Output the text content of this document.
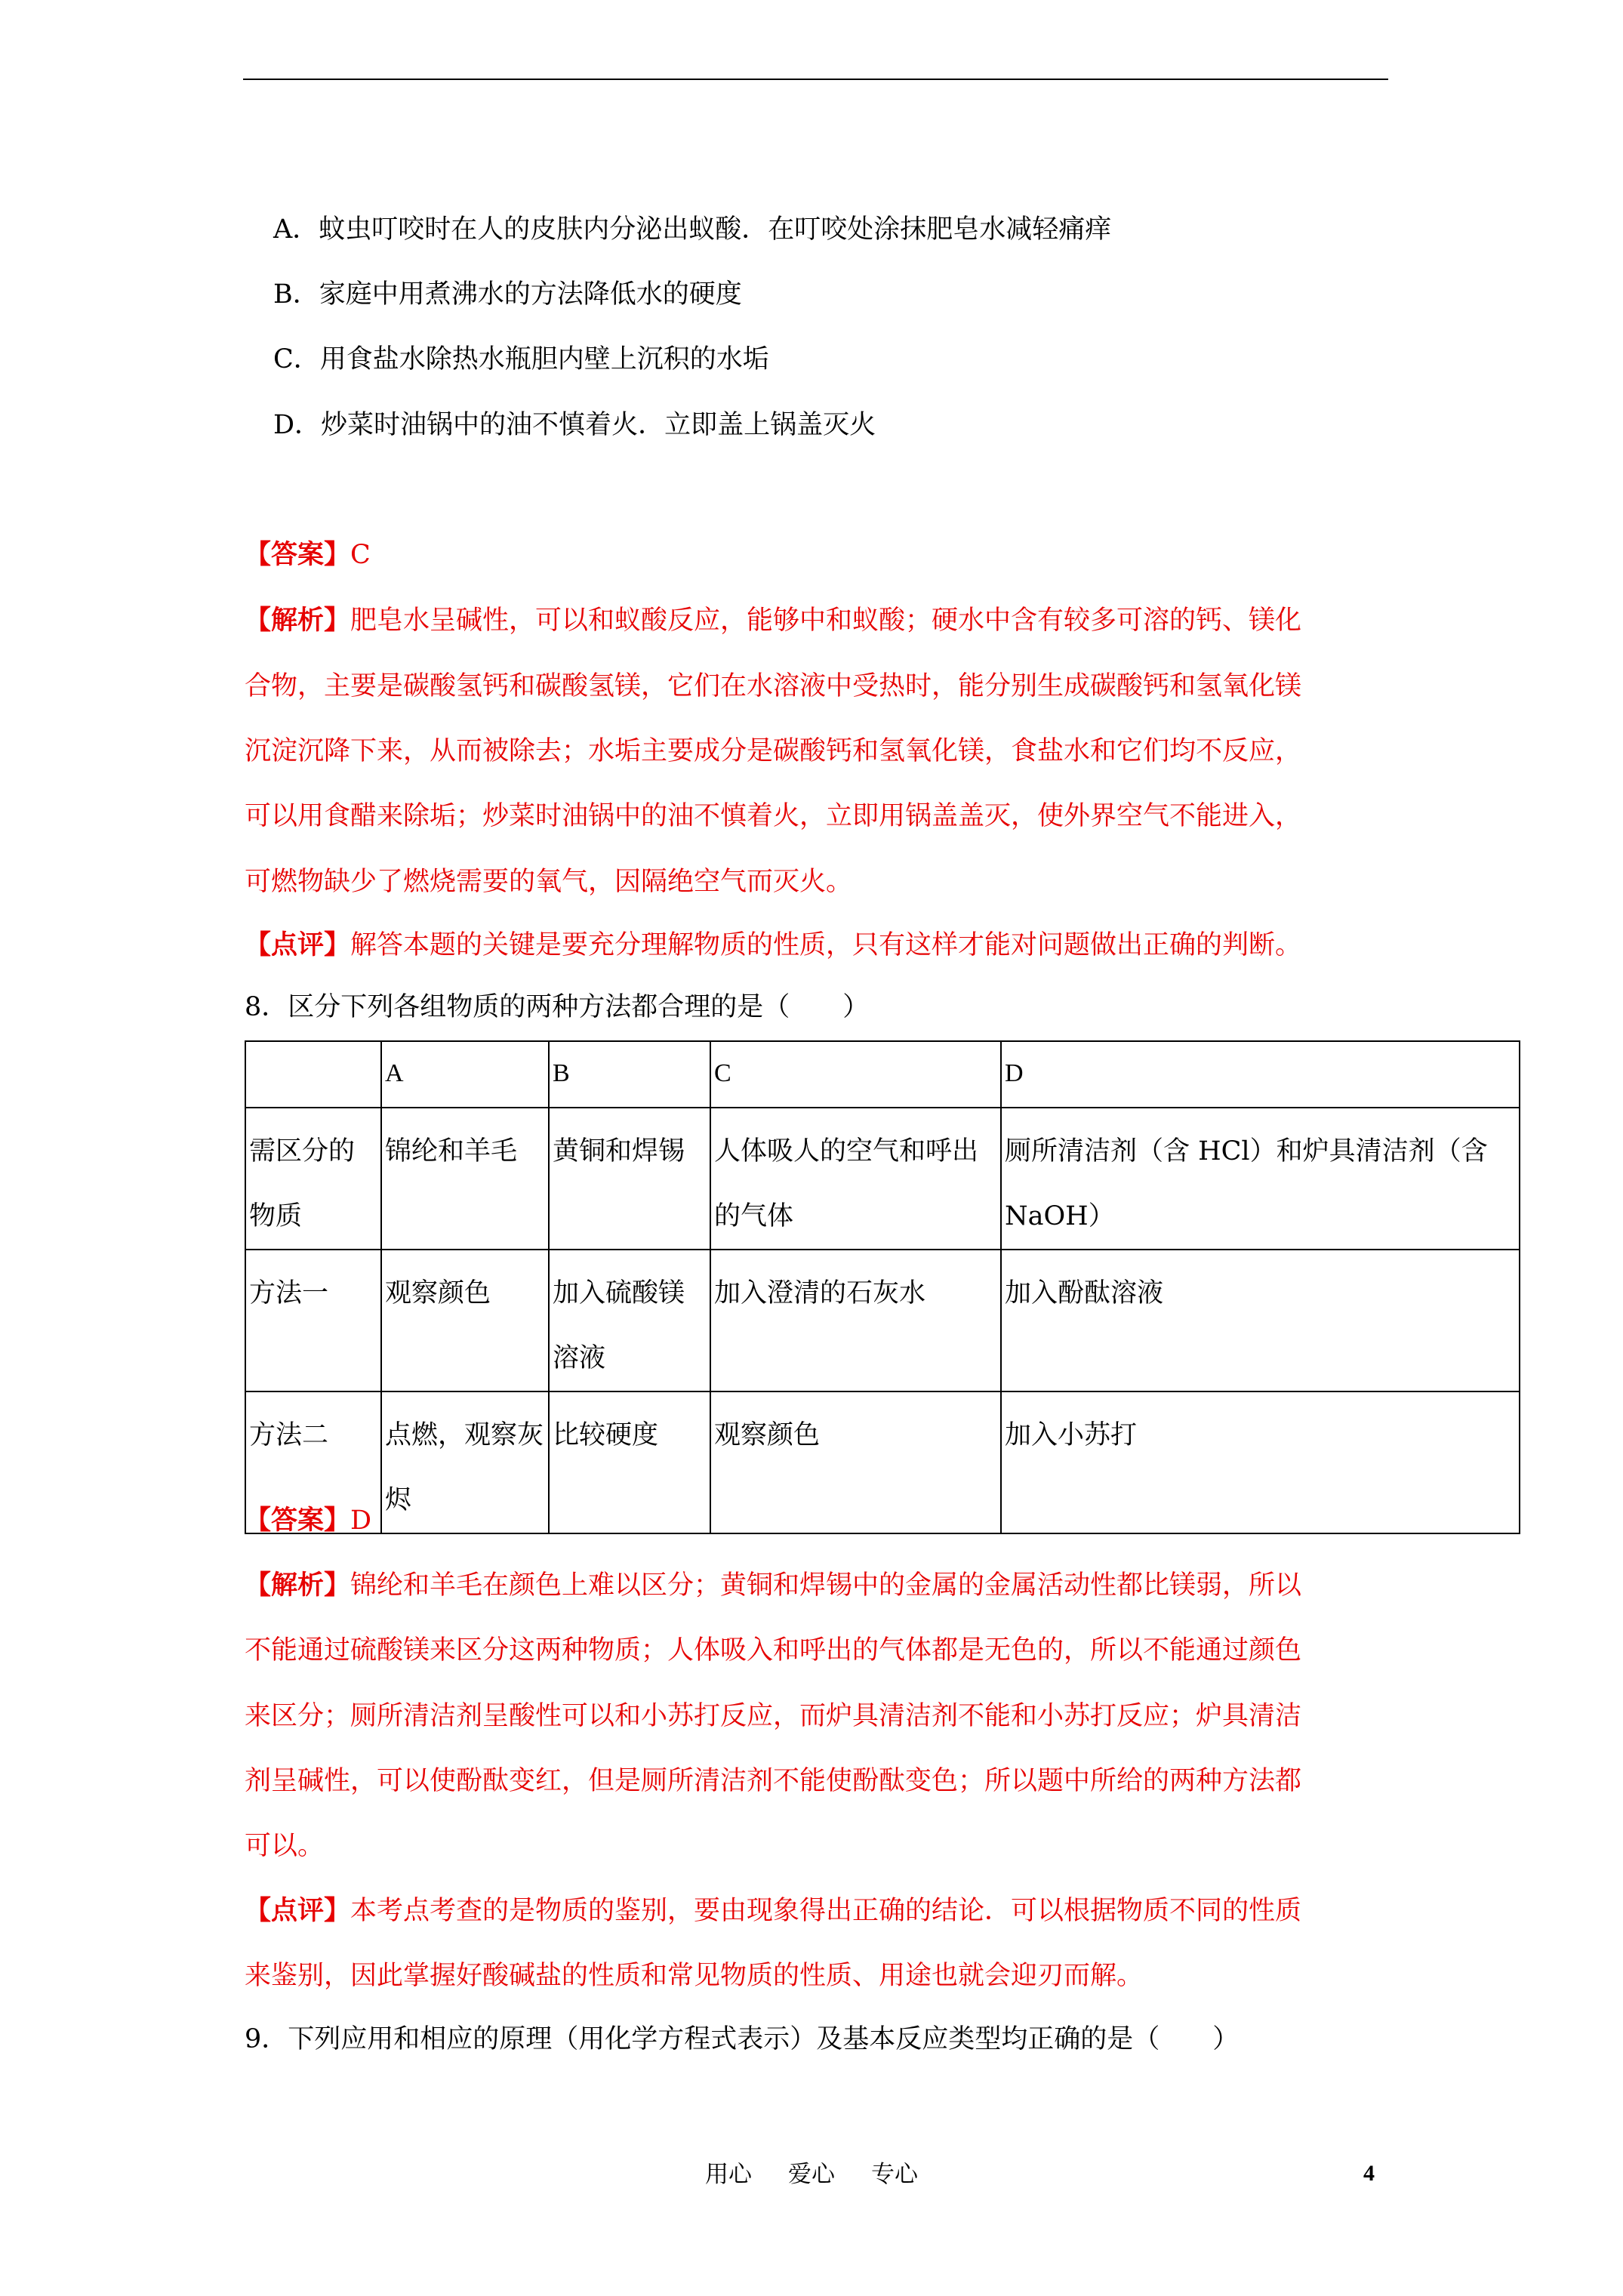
A．蚊虫叮咬时在人的皮肤内分泌出蚁酸．在叮咬处涂抹肥皂水减轻痛痒
B．家庭中用煮沸水的方法降低水的硬度
C．用食盐水除热水瓶胆内壁上沉积的水垢
D．炒菜时油锅中的油不慎着火．立即盖上锅盖灭火
【答案】C
【解析】肥皂水呈碱性，可以和蚁酸反应，能够中和蚁酸；硬水中含有较多可溶的钙、镁化
合物，主要是碳酸氢钙和碳酸氢镁，它们在水溶液中受热时，能分别生成碳酸钙和氢氧化镁
沉淀沉降下来，从而被除去；水垢主要成分是碳酸钙和氢氧化镁，食盐水和它们均不反应，
可以用食醋来除垢；炒菜时油锅中的油不慎着火，立即用锅盖盖灭，使外界空气不能进入，
可燃物缺少了燃烧需要的氧气，因隔绝空气而灭火。
【点评】解答本题的关键是要充分理解物质的性质，只有这样才能对问题做出正确的判断。
8．区分下列各组物质的两种方法都合理的是（　　）
	A	B	C	D
需区分的物质	锦纶和羊毛	黄铜和焊锡	人体吸人的空气和呼出的气体	厕所清洁剂（含 HCl）和炉具清洁剂（含 NaOH）
方法一	观察颜色	加入硫酸镁溶液	加入澄清的石灰水	加入酚酞溶液
方法二	点燃，观察灰烬	比较硬度	观察颜色	加入小苏打
【答案】D
【解析】锦纶和羊毛在颜色上难以区分；黄铜和焊锡中的金属的金属活动性都比镁弱，所以
不能通过硫酸镁来区分这两种物质；人体吸入和呼出的气体都是无色的，所以不能通过颜色
来区分；厕所清洁剂呈酸性可以和小苏打反应，而炉具清洁剂不能和小苏打反应；炉具清洁
剂呈碱性，可以使酚酞变红，但是厕所清洁剂不能使酚酞变色；所以题中所给的两种方法都
可以。
【点评】本考点考查的是物质的鉴别，要由现象得出正确的结论．可以根据物质不同的性质
来鉴别，因此掌握好酸碱盐的性质和常见物质的性质、用途也就会迎刃而解。
9．下列应用和相应的原理（用化学方程式表示）及基本反应类型均正确的是（　　）
用心 爱心 专心	4
